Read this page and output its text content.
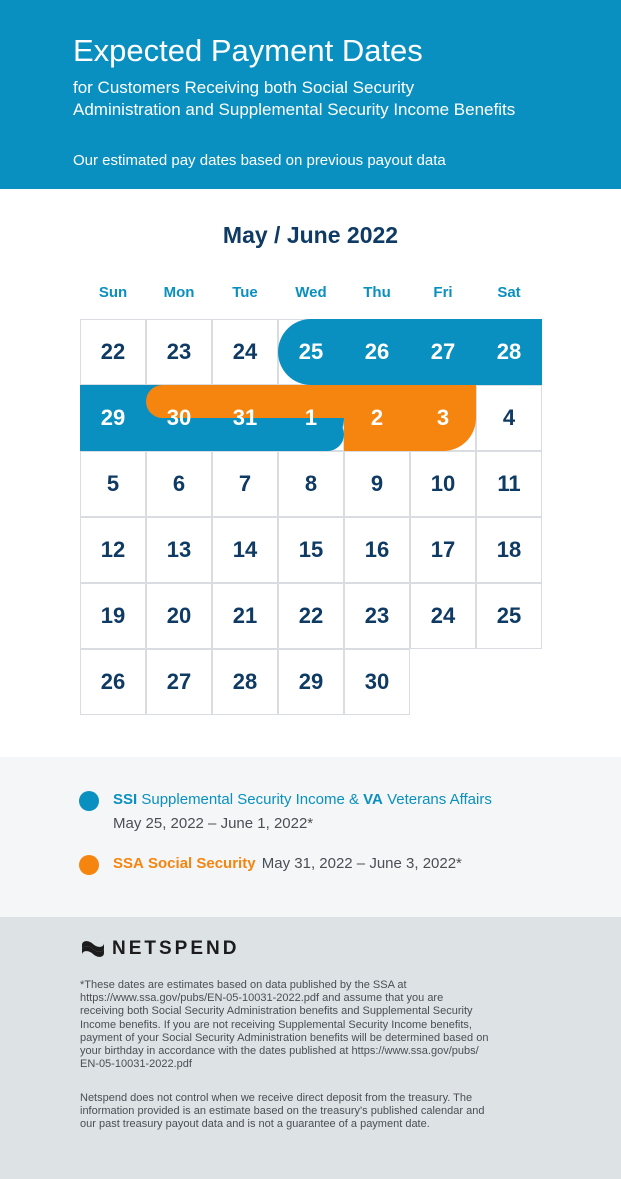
Expected Payment Dates
for Customers Receiving both Social Security
Administration and Supplemental Security Income Benefits
Our estimated pay dates based on previous payout data
May / June 2022
Sun	Mon	Tue	Wed	Thu	Fri	Sat
22	23	24	25	26	27	28
29	30	31	1	2	3	4
5	6	7	8	9	10	11
12	13	14	15	16	17	18
19	20	21	22	23	24	25
26	27	28	29	30
SSI Supplemental Security Income & VA Veterans Affairs
May 25, 2022 – June 1, 2022*
SSA Social Security May 31, 2022 – June 3, 2022*
NETSPEND
*These dates are estimates based on data published by the SSA at
https://www.ssa.gov/pubs/EN-05-10031-2022.pdf and assume that you are
receiving both Social Security Administration benefits and Supplemental Security
Income benefits. If you are not receiving Supplemental Security Income benefits,
payment of your Social Security Administration benefits will be determined based on
your birthday in accordance with the dates published at https://www.ssa.gov/pubs/
EN-05-10031-2022.pdf
Netspend does not control when we receive direct deposit from the treasury. The
information provided is an estimate based on the treasury's published calendar and
our past treasury payout data and is not a guarantee of a payment date.
